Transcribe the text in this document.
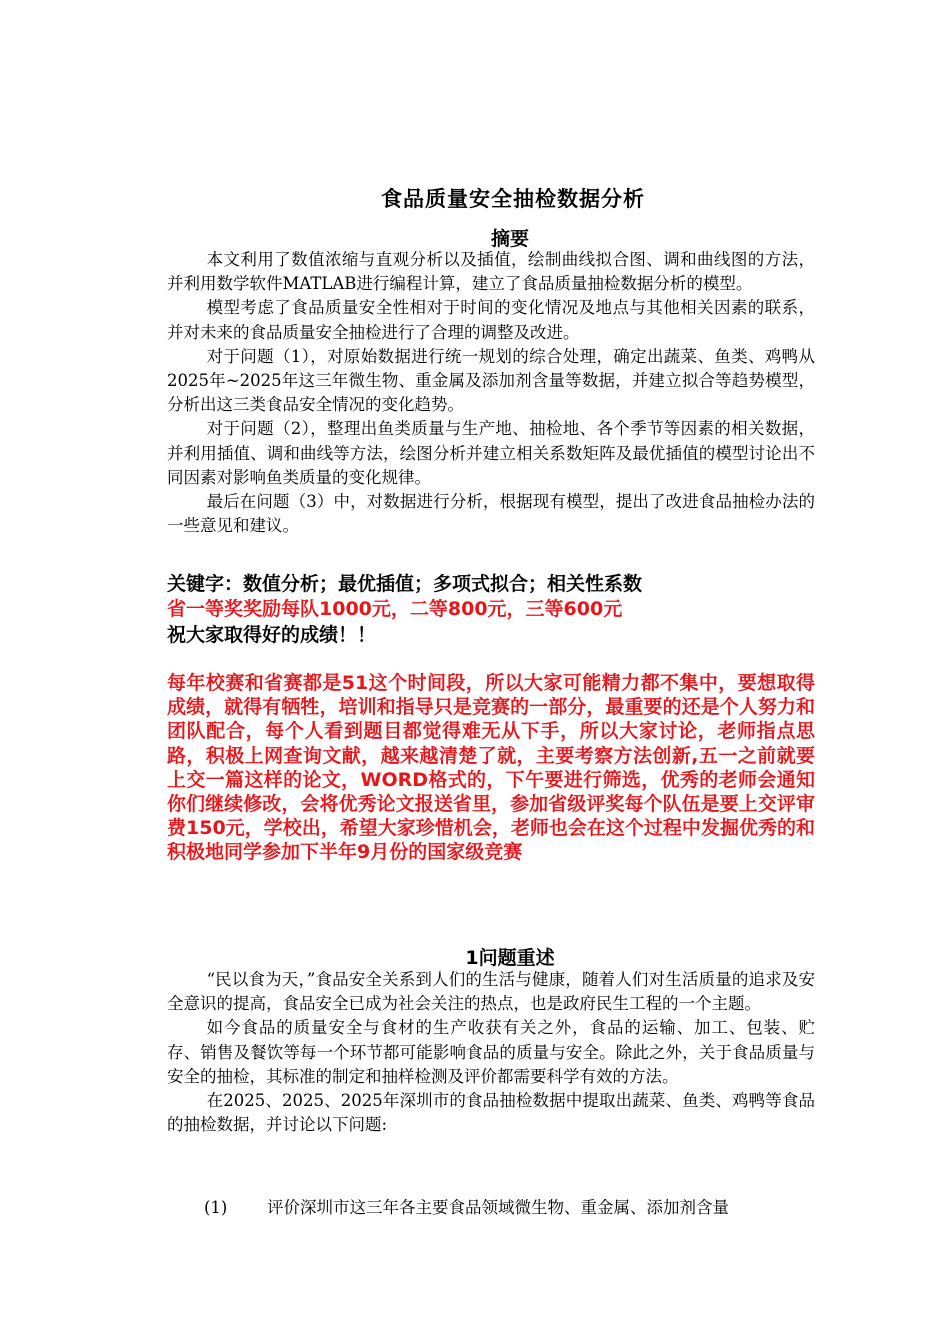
食品质量安全抽检数据分析
摘要

本文利用了数值浓缩与直观分析以及插值，绘制曲线拟合图、调和曲线图的方法，并利用数学软件MATLAB进行编程计算，建立了食品质量抽检数据分析的模型。

模型考虑了食品质量安全性相对于时间的变化情况及地点与其他相关因素的联系，并对未来的食品质量安全抽检进行了合理的调整及改进。

对于问题（1），对原始数据进行统一规划的综合处理，确定出蔬菜、鱼类、鸡鸭从2025年~2025年这三年微生物、重金属及添加剂含量等数据，并建立拟合等趋势模型，分析出这三类食品安全情况的变化趋势。

对于问题（2），整理出鱼类质量与生产地、抽检地、各个季节等因素的相关数据，并利用插值、调和曲线等方法，绘图分析并建立相关系数矩阵及最优插值的模型讨论出不同因素对影响鱼类质量的变化规律。

最后在问题（3）中，对数据进行分析，根据现有模型，提出了改进食品抽检办法的一些意见和建议。

关键字：数值分析；最优插值；多项式拟合；相关性系数
省一等奖奖励每队1000元，二等800元，三等600元
祝大家取得好的成绩！！

每年校赛和省赛都是51这个时间段，所以大家可能精力都不集中，要想取得成绩，就得有牺牲，培训和指导只是竞赛的一部分，最重要的还是个人努力和团队配合，每个人看到题目都觉得难无从下手，所以大家讨论，老师指点思路，积极上网查询文献，越来越清楚了就，主要考察方法创新,五一之前就要上交一篇这样的论文，WORD格式的，下午要进行筛选，优秀的老师会通知你们继续修改，会将优秀论文报送省里，参加省级评奖每个队伍是要上交评审费150元，学校出，希望大家珍惜机会，老师也会在这个过程中发掘优秀的和积极地同学参加下半年9月份的国家级竞赛

1问题重述

“民以食为天，”食品安全关系到人们的生活与健康，随着人们对生活质量的追求及安全意识的提高，食品安全已成为社会关注的热点，也是政府民生工程的一个主题。

如今食品的质量安全与食材的生产收获有关之外，食品的运输、加工、包装、贮存、销售及餐饮等每一个环节都可能影响食品的质量与安全。除此之外，关于食品质量与安全的抽检，其标准的制定和抽样检测及评价都需要科学有效的方法。

在2025、2025、2025年深圳市的食品抽检数据中提取出蔬菜、鱼类、鸡鸭等食品的抽检数据，并讨论以下问题:

(1) 评价深圳市这三年各主要食品领域微生物、重金属、添加剂含量
